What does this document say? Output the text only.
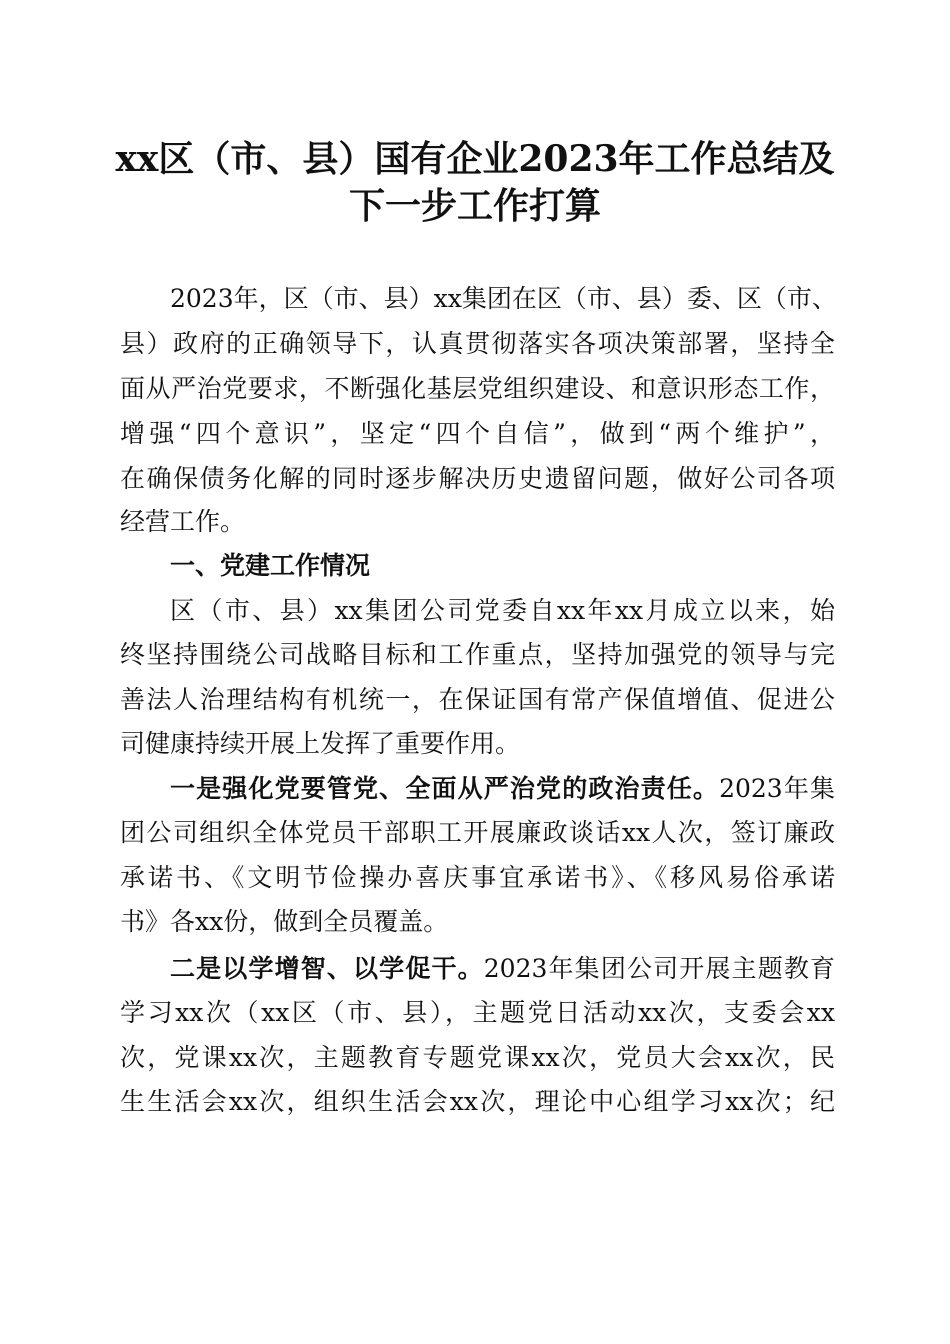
xx区（市、县）国有企业2023年工作总结及
下一步工作打算
2023年，区（市、县）xx集团在区（市、县）委、区（市、
县）政府的正确领导下，认真贯彻落实各项决策部署，坚持全
面从严治党要求，不断强化基层党组织建设、和意识形态工作，
增强“四个意识”，坚定“四个自信”，做到“两个维护”，
在确保债务化解的同时逐步解决历史遗留问题，做好公司各项
经营工作。
一、党建工作情况
区（市、县）xx集团公司党委自xx年xx月成立以来，始
终坚持围绕公司战略目标和工作重点，坚持加强党的领导与完
善法人治理结构有机统一，在保证国有常产保值增值、促进公
司健康持续开展上发挥了重要作用。
一是强化党要管党、全面从严治党的政治责任。2023年集
团公司组织全体党员干部职工开展廉政谈话xx人次，签订廉政
承诺书、《文明节俭操办喜庆事宜承诺书》、《移风易俗承诺
书》各xx份，做到全员覆盖。
二是以学增智、以学促干。2023年集团公司开展主题教育
学习xx次（xx区（市、县），主题党日活动xx次，支委会xx
次，党课xx次，主题教育专题党课xx次，党员大会xx次，民
生生活会xx次，组织生活会xx次，理论中心组学习xx次；纪
